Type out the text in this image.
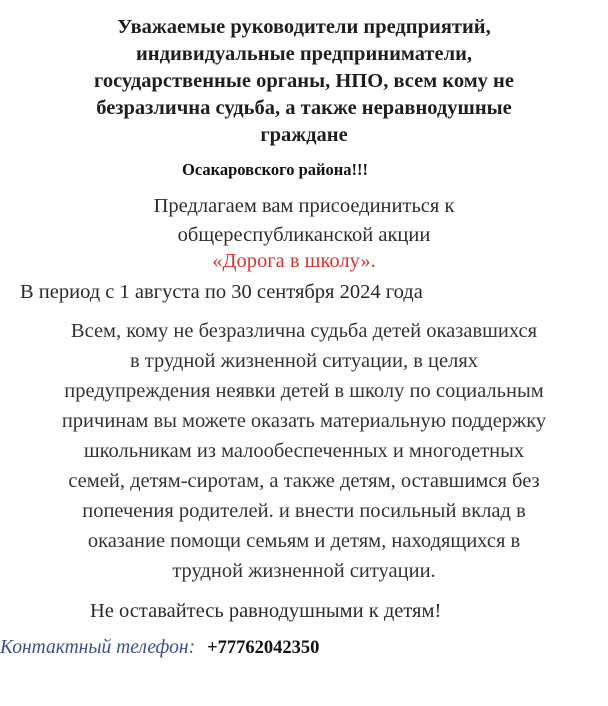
Уважаемые руководители предприятий,
индивидуальные предприниматели,
государственные органы, НПО, всем кому не
безразлична судьба, а также неравнодушные
граждане
Осакаровского района!!!
Предлагаем вам присоединиться к
общереспубликанской акции
«Дорога в школу».
В период с 1 августа по 30 сентября 2024 года
Всем, кому не безразлична судьба детей оказавшихся
в трудной жизненной ситуации, в целях
предупреждения неявки детей в школу по социальным
причинам вы можете оказать материальную поддержку
школьникам из малообеспеченных и многодетных
семей, детям-сиротам, а также детям, оставшимся без
попечения родителей. и внести посильный вклад в
оказание помощи семьям и детям, находящихся в
трудной жизненной ситуации.
Не оставайтесь равнодушными к детям!
Контактный телефон: +77762042350
